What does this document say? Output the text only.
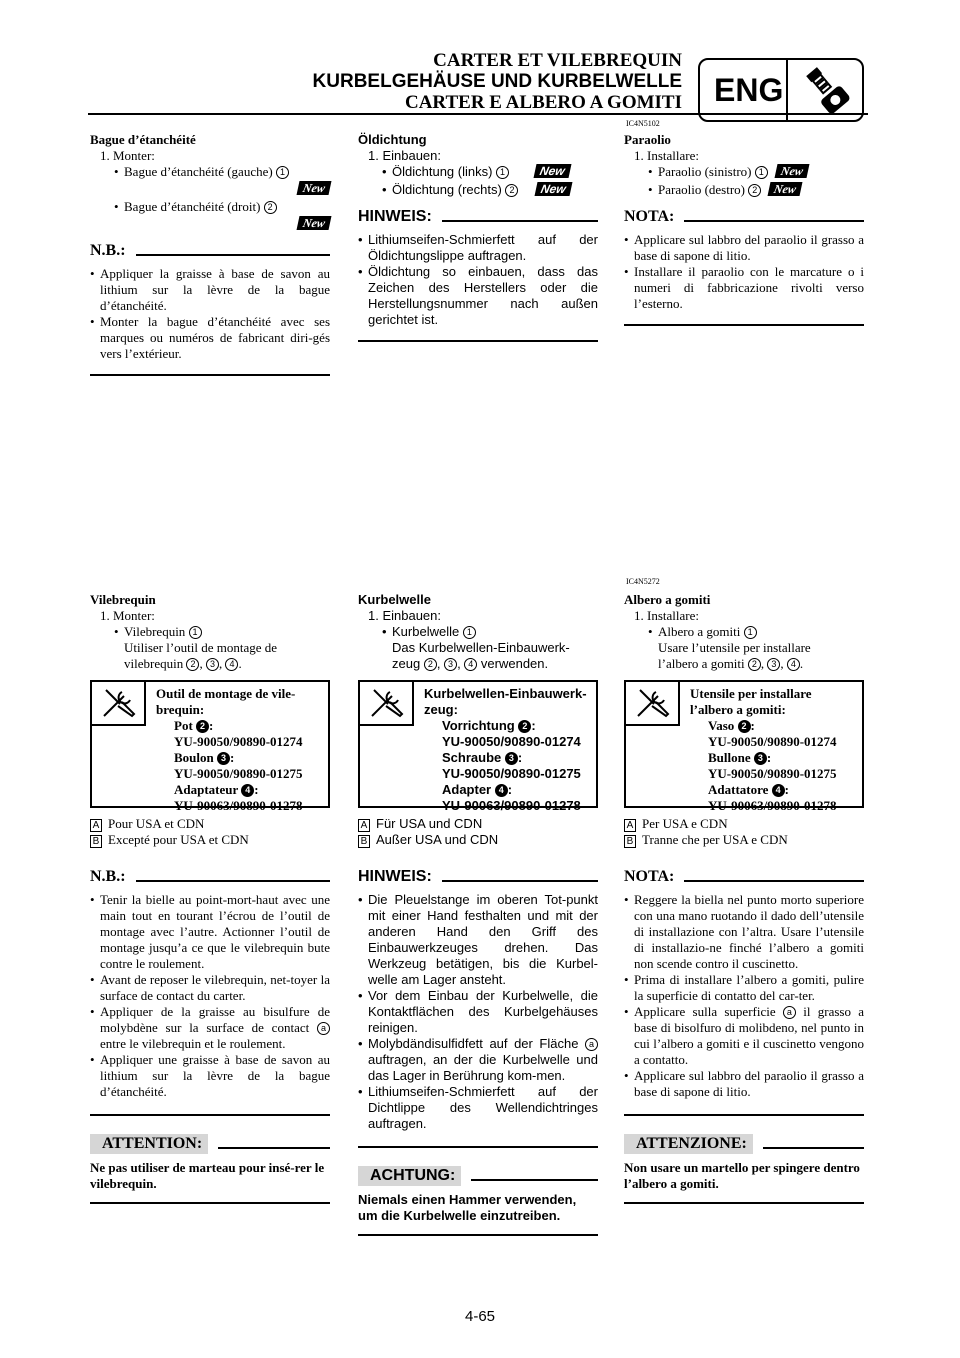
CARTER ET VILEBREQUIN
KURBELGEHÄUSE UND KURBELWELLE
CARTER E ALBERO A GOMITI ENG
IC4N5102
Bague d’étanchéité
1. Monter:
• Bague d’étanchéité (gauche) 1
New
• Bague d’étanchéité (droit) 2
New
N.B.:
• Appliquer la graisse à base de savon au lithium sur la lèvre de la bague d’étanchéité.
• Monter la bague d’étanchéité avec ses marques ou numéros de fabricant diri-gés vers l’extérieur.
Öldichtung
1. Einbauen:
• Öldichtung (links) 1	New
• Öldichtung (rechts) 2 New
HINWEIS:
• Lithiumseifen-Schmierfett auf der Öldichtungslippe auftragen.
• Öldichtung so einbauen, dass das Zeichen des Herstellers oder die Herstellungsnummer nach außen gerichtet ist.
Paraolio
1. Installare:
• Paraolio (sinistro) 1 New
• Paraolio (destro) 2 New
NOTA:
• Applicare sul labbro del paraolio il grasso a base di sapone di litio.
• Installare il paraolio con le marcature o i numeri di fabbricazione rivolti verso l’esterno.
IC4N5272
Vilebrequin
1. Monter:
• Vilebrequin 1
Utiliser l’outil de montage de
vilebrequin 2 , 3 , 4 .
Outil de montage de vile-
brequin:
Pot 2 :
YU-90050/90890-01274
Boulon 3 :
YU-90050/90890-01275
Adaptateur 4 :
YU-90063/90890-01278
A Pour USA et CDN
B Excepté pour USA et CDN
N.B.:
• Tenir la bielle au point-mort-haut avec une main tout en tourant l’écrou de l’outil de montage avec l’autre. Actionner l’outil de montage jusqu’a ce que le vilebrequin bute contre le roulement.
• Avant de reposer le vilebrequin, net-toyer la surface de contact du carter.
• Appliquer de la graisse au bisulfure de molybdène sur la surface de contact a entre le vilebrequin et le roulement.
• Appliquer une graisse à base de savon au lithium sur la lèvre de la bague d’étanchéité.
ATTENTION:
Ne pas utiliser de marteau pour insé-rer le vilebrequin.
Kurbelwelle
1. Einbauen:
• Kurbelwelle 1
Das Kurbelwellen-Einbauwerk-
zeug 2 , 3 , 4 verwenden.
Kurbelwellen-Einbauwerk-
zeug:
Vorrichtung 2 :
YU-90050/90890-01274
Schraube 3 :
YU-90050/90890-01275
Adapter 4 :
YU-90063/90890-01278
A Für USA und CDN
B Außer USA und CDN
HINWEIS:
• Die Pleuelstange im oberen Tot-punkt mit einer Hand festhalten und mit der anderen Hand den Griff des Einbauwerkzeuges drehen. Das Werkzeug betätigen, bis die Kurbel-welle am Lager ansteht.
• Vor dem Einbau der Kurbelwelle, die Kontaktflächen des Kurbelgehäuses reinigen.
• Molybdändisulfidfett auf der Fläche a auftragen, an der die Kurbelwelle und das Lager in Berührung kom-men.
• Lithiumseifen-Schmierfett auf der Dichtlippe des Wellendichtringes auftragen.
ACHTUNG:
Niemals einen Hammer verwenden, um die Kurbelwelle einzutreiben.
Albero a gomiti
1. Installare:
• Albero a gomiti 1
Usare l’utensile per installare
l’albero a gomiti 2 , 3 , 4 .
Utensile per installare
l’albero a gomiti:
Vaso 2 :
YU-90050/90890-01274
Bullone 3 :
YU-90050/90890-01275
Adattatore 4 :
YU-90063/90890-01278
A Per USA e CDN
B Tranne che per USA e CDN
NOTA:
• Reggere la biella nel punto morto superiore con una mano ruotando il dado dell’utensile di installazione con l’altra. Usare l’utensile di installazio-ne finché l’albero a gomiti non scende contro il cuscinetto.
• Prima di installare l’albero a gomiti, pulire la superficie di contatto del car-ter.
• Applicare sulla superficie a il grasso a base di bisolfuro di molibdeno, nel punto in cui l’albero a gomiti e il cuscinetto vengono a contatto.
• Applicare sul labbro del paraolio il grasso a base di sapone di litio.
ATTENZIONE:
Non usare un martello per spingere dentro l’albero a gomiti.
4-65
